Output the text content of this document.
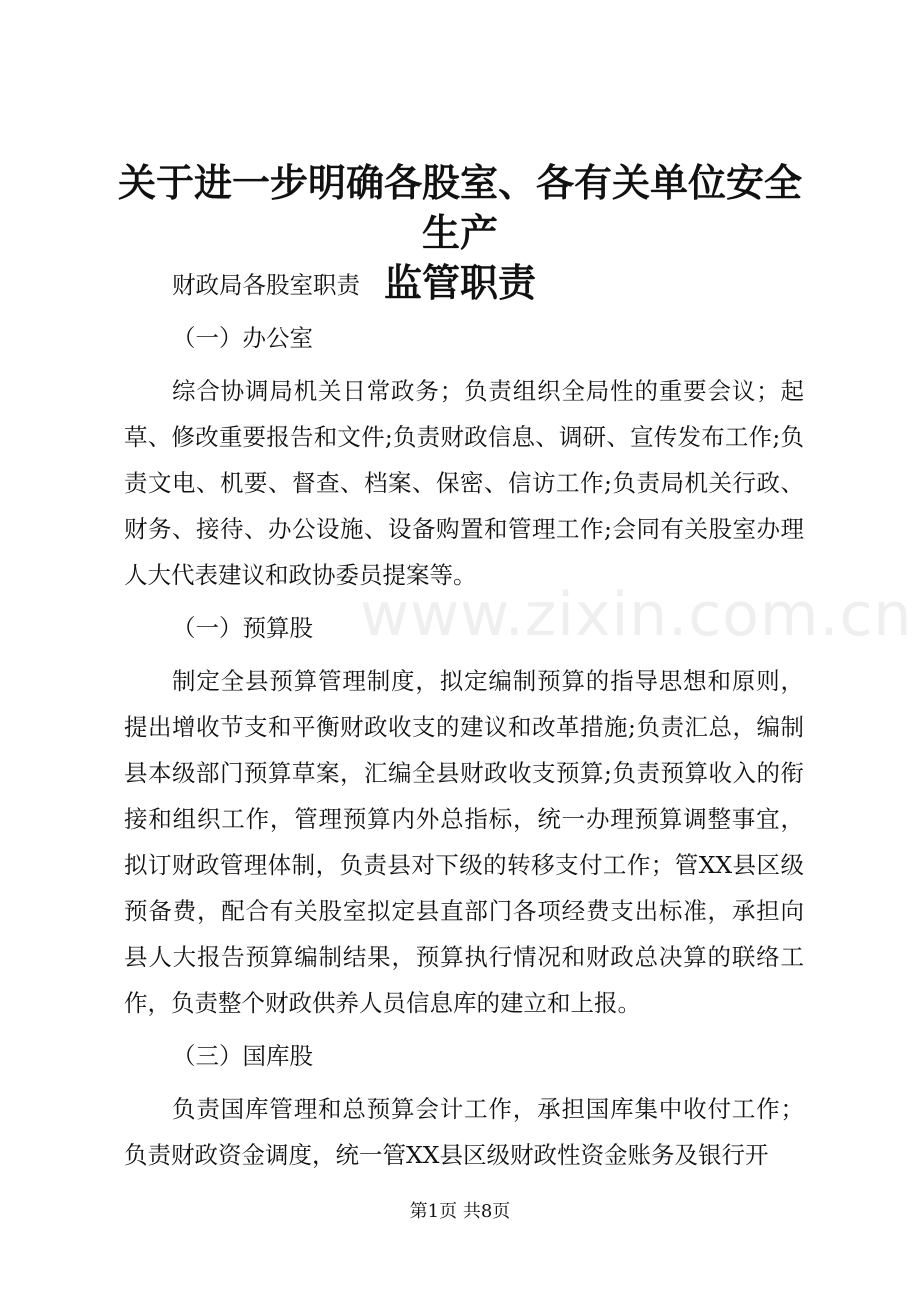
关于进一步明确各股室、各有关单位安全生产
监管职责

财政局各股室职责

（一）办公室

综合协调局机关日常政务；负责组织全局性的重要会议；起草、修改重要报告和文件;负责财政信息、调研、宣传发布工作;负责文电、机要、督查、档案、保密、信访工作;负责局机关行政、财务、接待、办公设施、设备购置和管理工作;会同有关股室办理人大代表建议和政协委员提案等。

（一）预算股

制定全县预算管理制度，拟定编制预算的指导思想和原则，提出增收节支和平衡财政收支的建议和改革措施;负责汇总，编制县本级部门预算草案，汇编全县财政收支预算;负责预算收入的衔接和组织工作，管理预算内外总指标，统一办理预算调整事宜，拟订财政管理体制，负责县对下级的转移支付工作；管XX县区级预备费，配合有关股室拟定县直部门各项经费支出标准，承担向县人大报告预算编制结果，预算执行情况和财政总决算的联络工作，负责整个财政供养人员信息库的建立和上报。

（三）国库股

负责国库管理和总预算会计工作，承担国库集中收付工作；负责财政资金调度，统一管XX县区级财政性资金账务及银行开

www.zixin.com.cn
第1页 共8页
